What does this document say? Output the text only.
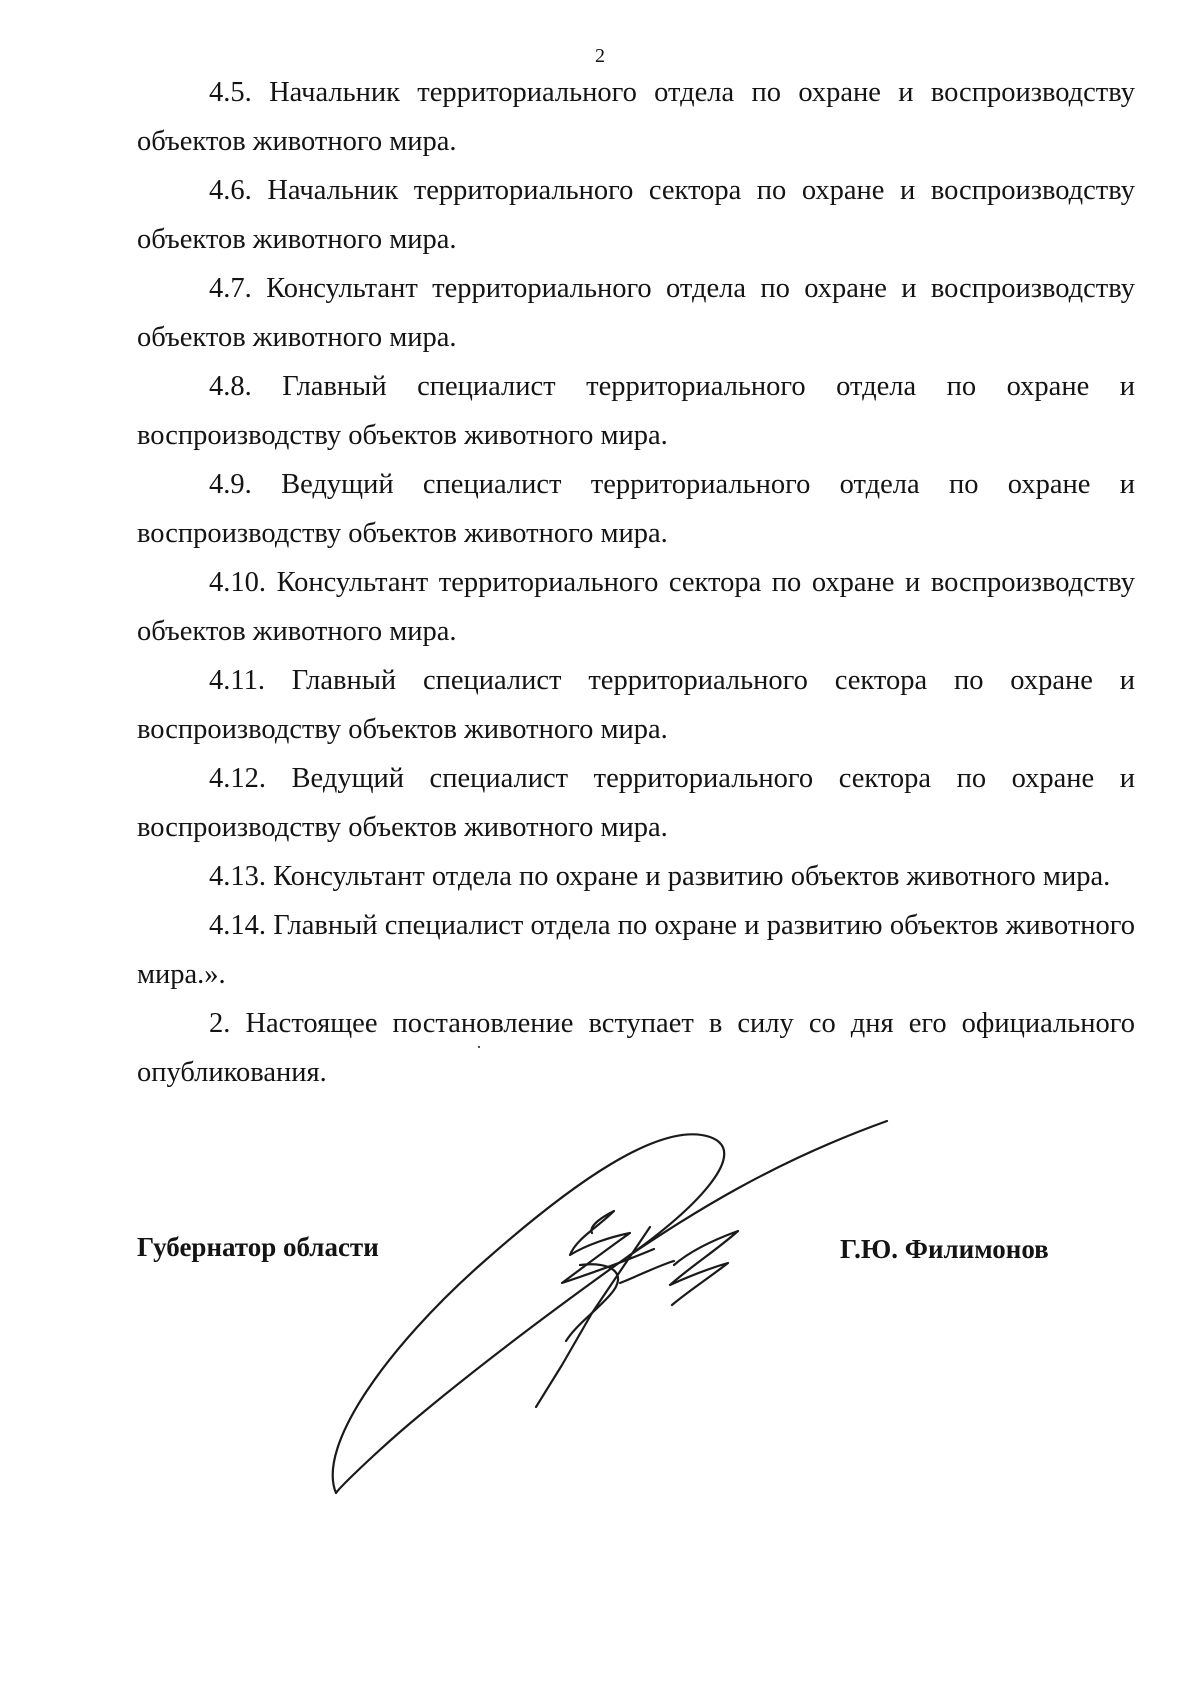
2

4.5. Начальник территориального отдела по охране и воспроизводству объектов животного мира.

4.6. Начальник территориального сектора по охране и воспроизводству объектов животного мира.

4.7. Консультант территориального отдела по охране и воспроизводству объектов животного мира.

4.8. Главный специалист территориального отдела по охране и воспроизводству объектов животного мира.

4.9. Ведущий специалист территориального отдела по охране и воспроизводству объектов животного мира.

4.10. Консультант территориального сектора по охране и воспроизводству объектов животного мира.

4.11. Главный специалист территориального сектора по охране и воспроизводству объектов животного мира.

4.12. Ведущий специалист территориального сектора по охране и воспроизводству объектов животного мира.

4.13. Консультант отдела по охране и развитию объектов животного мира.

4.14. Главный специалист отдела по охране и развитию объектов животного мира.».

2. Настоящее постановление вступает в силу со дня его официального опубликования.

Губернатор области	Г.Ю. Филимонов
